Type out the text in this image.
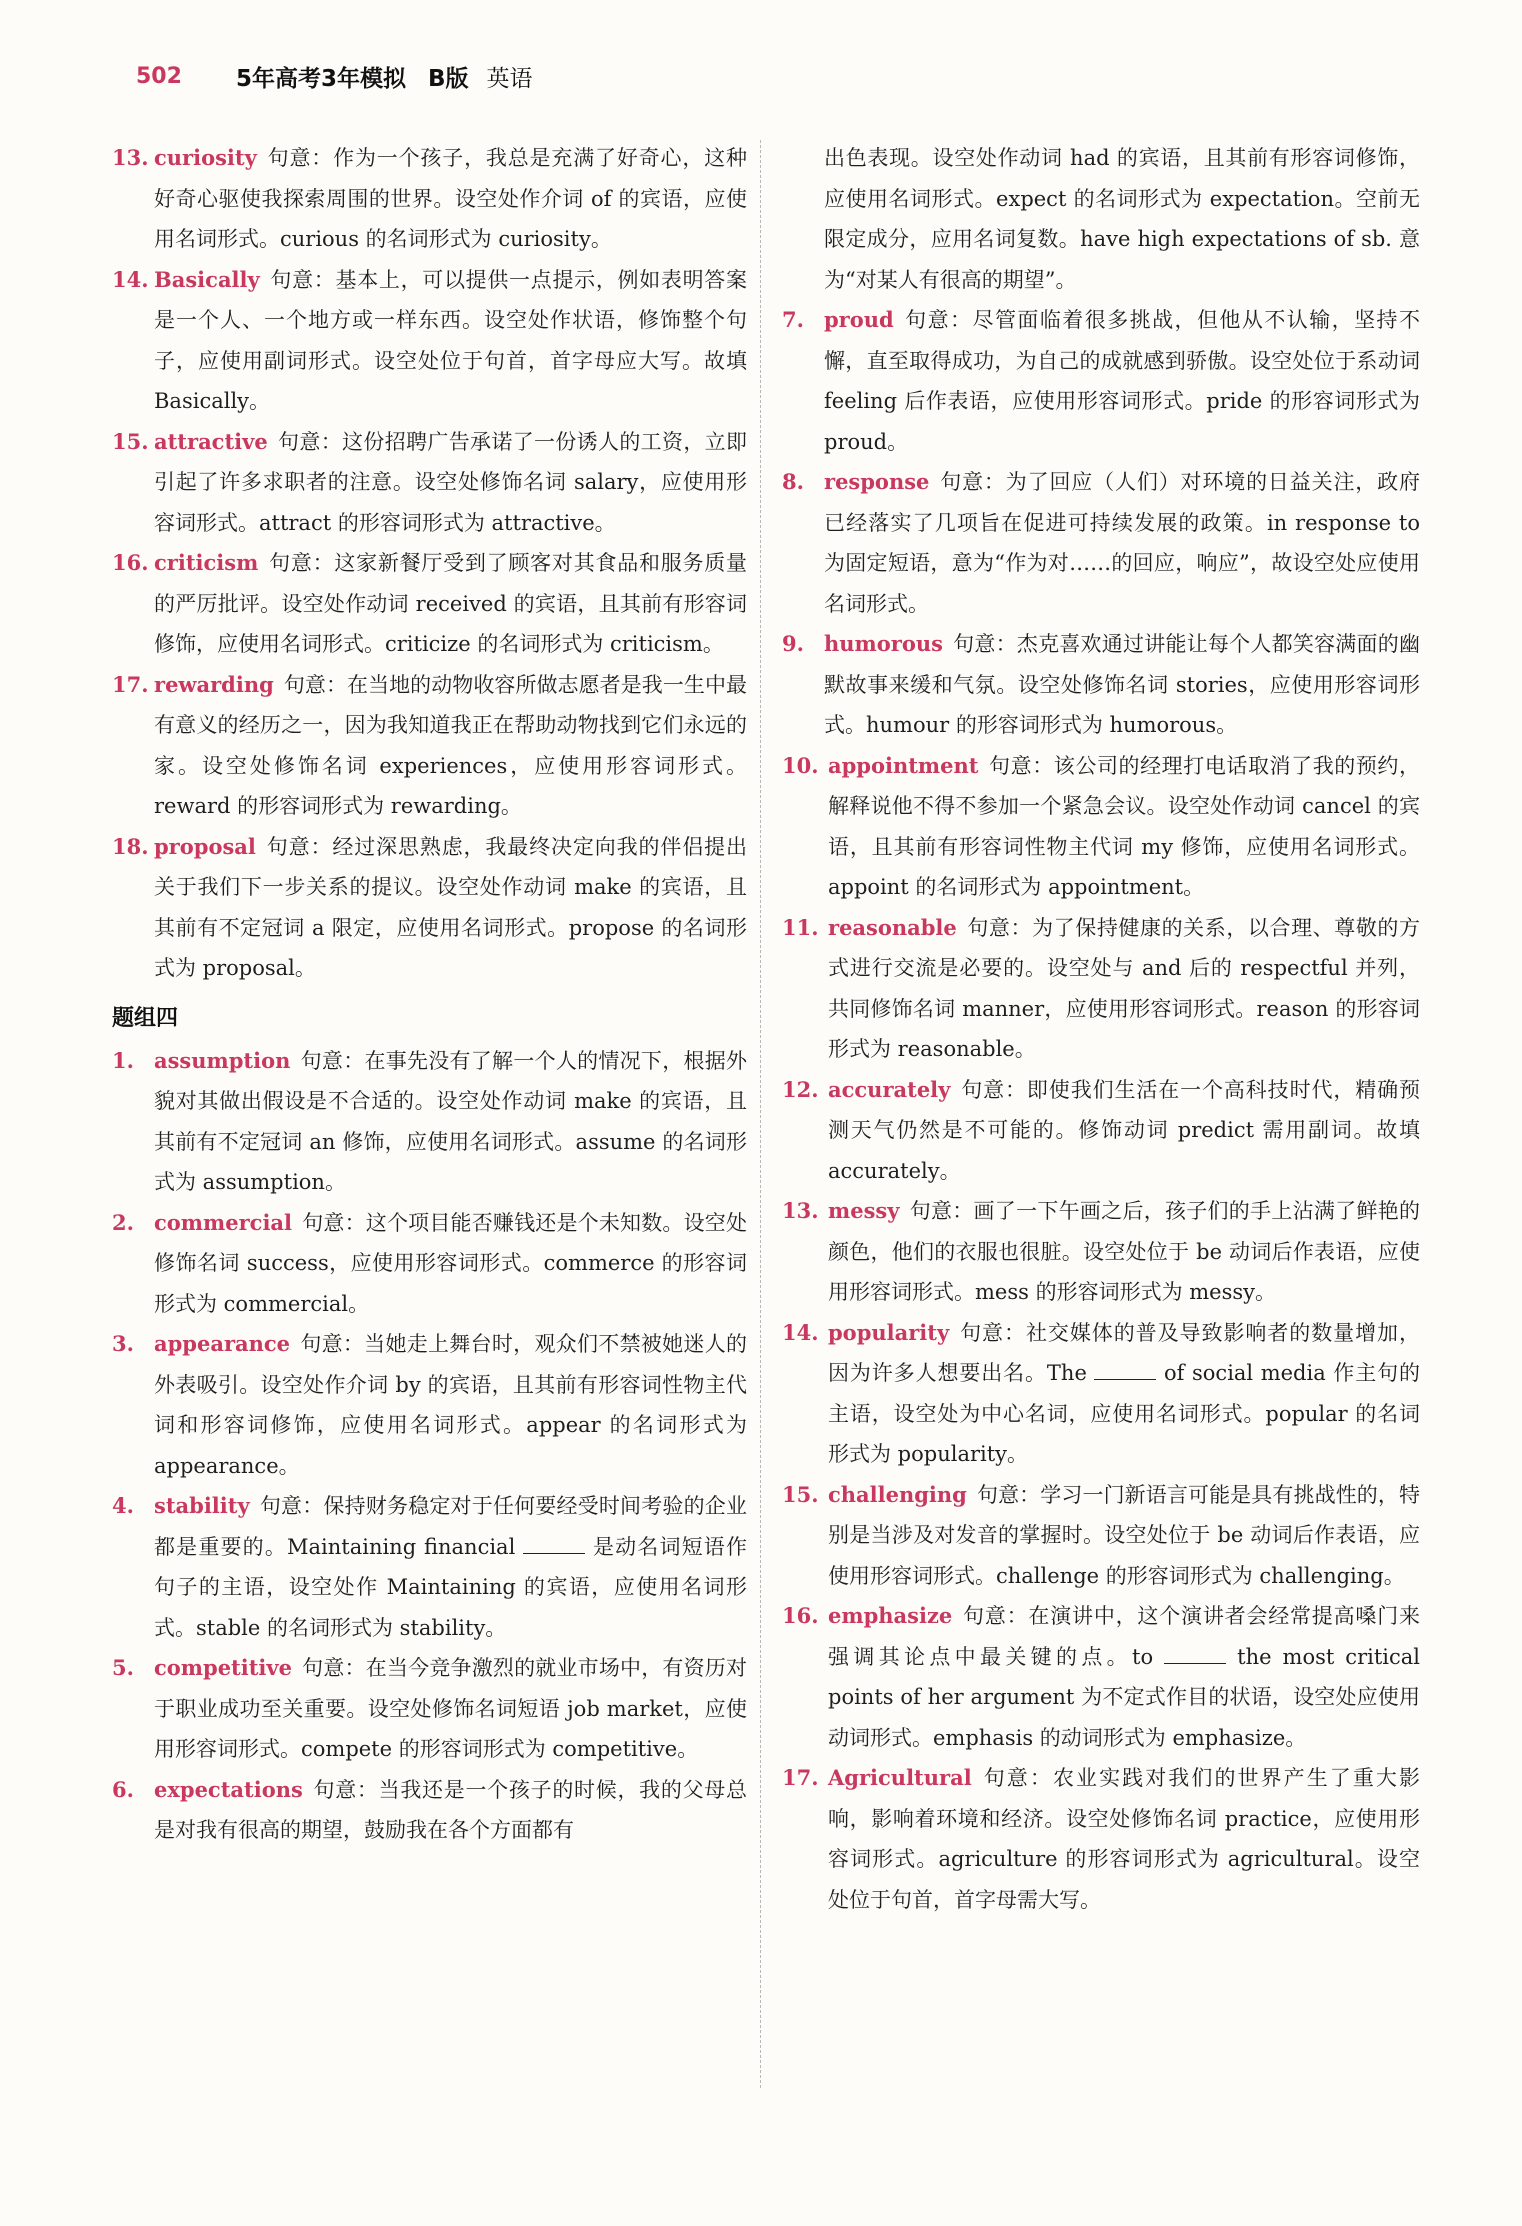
502 5年高考3年模拟 B版 英语

13. curiosity 句意：作为一个孩子，我总是充满了好奇心，这种好奇心驱使我探索周围的世界。设空处作介词 of 的宾语，应使用名词形式。curious 的名词形式为 curiosity。

14. Basically 句意：基本上，可以提供一点提示，例如表明答案是一个人、一个地方或一样东西。设空处作状语，修饰整个句子，应使用副词形式。设空处位于句首，首字母应大写。故填 Basically。

15. attractive 句意：这份招聘广告承诺了一份诱人的工资，立即引起了许多求职者的注意。设空处修饰名词 salary，应使用形容词形式。attract 的形容词形式为 attractive。

16. criticism 句意：这家新餐厅受到了顾客对其食品和服务质量的严厉批评。设空处作动词 received 的宾语，且其前有形容词修饰，应使用名词形式。criticize 的名词形式为 criticism。

17. rewarding 句意：在当地的动物收容所做志愿者是我一生中最有意义的经历之一，因为我知道我正在帮助动物找到它们永远的家。设空处修饰名词 experiences，应使用形容词形式。reward 的形容词形式为 rewarding。

18. proposal 句意：经过深思熟虑，我最终决定向我的伴侣提出关于我们下一步关系的提议。设空处作动词 make 的宾语，且其前有不定冠词 a 限定，应使用名词形式。propose 的名词形式为 proposal。

题组四

1. assumption 句意：在事先没有了解一个人的情况下，根据外貌对其做出假设是不合适的。设空处作动词 make 的宾语，且其前有不定冠词 an 修饰，应使用名词形式。assume 的名词形式为 assumption。

2. commercial 句意：这个项目能否赚钱还是个未知数。设空处修饰名词 success，应使用形容词形式。commerce 的形容词形式为 commercial。

3. appearance 句意：当她走上舞台时，观众们不禁被她迷人的外表吸引。设空处作介词 by 的宾语，且其前有形容词性物主代词和形容词修饰，应使用名词形式。appear 的名词形式为 appearance。

4. stability 句意：保持财务稳定对于任何要经受时间考验的企业都是重要的。Maintaining financial	是动名词短语作句子的主语，设空处作 Maintaining 的宾语，应使用名词形式。stable 的名词形式为 stability。

5. competitive 句意：在当今竞争激烈的就业市场中，有资历对于职业成功至关重要。设空处修饰名词短语 job market，应使用形容词形式。compete 的形容词形式为 competitive。

6. expectations 句意：当我还是一个孩子的时候，我的父母总是对我有很高的期望，鼓励我在各个方面都有

出色表现。设空处作动词 had 的宾语，且其前有形容词修饰，应使用名词形式。expect 的名词形式为 expectation。空前无限定成分，应用名词复数。have high expectations of sb. 意为“对某人有很高的期望”。

7. proud 句意：尽管面临着很多挑战，但他从不认输，坚持不懈，直至取得成功，为自己的成就感到骄傲。设空处位于系动词 feeling 后作表语，应使用形容词形式。pride 的形容词形式为 proud。

8. response 句意：为了回应（人们）对环境的日益关注，政府已经落实了几项旨在促进可持续发展的政策。in response to 为固定短语，意为“作为对……的回应，响应”，故设空处应使用名词形式。

9. humorous 句意：杰克喜欢通过讲能让每个人都笑容满面的幽默故事来缓和气氛。设空处修饰名词 stories，应使用形容词形式。humour 的形容词形式为 humorous。

10. appointment 句意：该公司的经理打电话取消了我的预约，解释说他不得不参加一个紧急会议。设空处作动词 cancel 的宾语，且其前有形容词性物主代词 my 修饰，应使用名词形式。appoint 的名词形式为 appointment。

11. reasonable 句意：为了保持健康的关系，以合理、尊敬的方式进行交流是必要的。设空处与 and 后的 respectful 并列，共同修饰名词 manner，应使用形容词形式。reason 的形容词形式为 reasonable。

12. accurately 句意：即使我们生活在一个高科技时代，精确预测天气仍然是不可能的。修饰动词 predict 需用副词。故填 accurately。

13. messy 句意：画了一下午画之后，孩子们的手上沾满了鲜艳的颜色，他们的衣服也很脏。设空处位于 be 动词后作表语，应使用形容词形式。mess 的形容词形式为 messy。

14. popularity 句意：社交媒体的普及导致影响者的数量增加，因为许多人想要出名。The	of social media 作主句的主语，设空处为中心名词，应使用名词形式。popular 的名词形式为 popularity。

15. challenging 句意：学习一门新语言可能是具有挑战性的，特别是当涉及对发音的掌握时。设空处位于 be 动词后作表语，应使用形容词形式。challenge 的形容词形式为 challenging。

16. emphasize 句意：在演讲中，这个演讲者会经常提高嗓门来强调其论点中最关键的点。to	the most critical points of her argument 为不定式作目的状语，设空处应使用动词形式。emphasis 的动词形式为 emphasize。

17. Agricultural 句意：农业实践对我们的世界产生了重大影响，影响着环境和经济。设空处修饰名词 practice，应使用形容词形式。agriculture 的形容词形式为 agricultural。设空处位于句首，首字母需大写。
